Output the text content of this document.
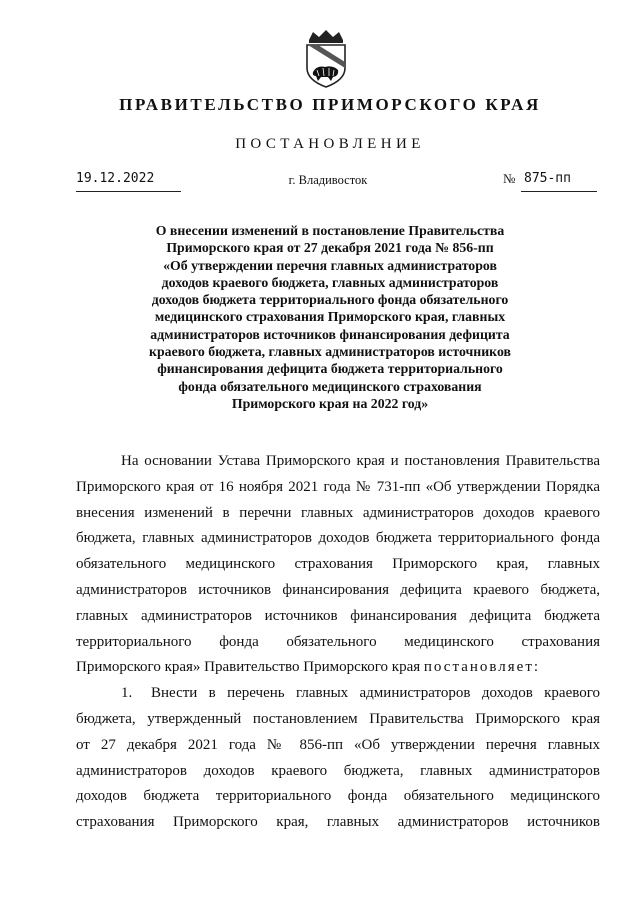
ПРАВИТЕЛЬСТВО ПРИМОРСКОГО КРАЯ
ПОСТАНОВЛЕНИЕ
19.12.2022	г. Владивосток	№ 875-пп
О внесении изменений в постановление Правительства
Приморского края от 27 декабря 2021 года № 856-пп
«Об утверждении перечня главных администраторов
доходов краевого бюджета, главных администраторов
доходов бюджета территориального фонда обязательного
медицинского страхования Приморского края, главных
администраторов источников финансирования дефицита
краевого бюджета, главных администраторов источников
финансирования дефицита бюджета территориального
фонда обязательного медицинского страхования
Приморского края на 2022 год»
На основании Устава Приморского края и постановления Правительства
Приморского края от 16 ноября 2021 года № 731-пп «Об утверждении Порядка
внесения изменений в перечни главных администраторов доходов краевого
бюджета, главных администраторов доходов бюджета территориального фонда
обязательного медицинского страхования Приморского края, главных
администраторов источников финансирования дефицита краевого бюджета,
главных администраторов источников финансирования дефицита бюджета
территориального фонда обязательного медицинского страхования
Приморского края» Правительство Приморского края постановляет:
1. Внести в перечень главных администраторов доходов краевого
бюджета, утвержденный постановлением Правительства Приморского края
от 27 декабря 2021 года № 856-пп «Об утверждении перечня главных
администраторов доходов краевого бюджета, главных администраторов
доходов бюджета территориального фонда обязательного медицинского
страхования Приморского края, главных администраторов источников
